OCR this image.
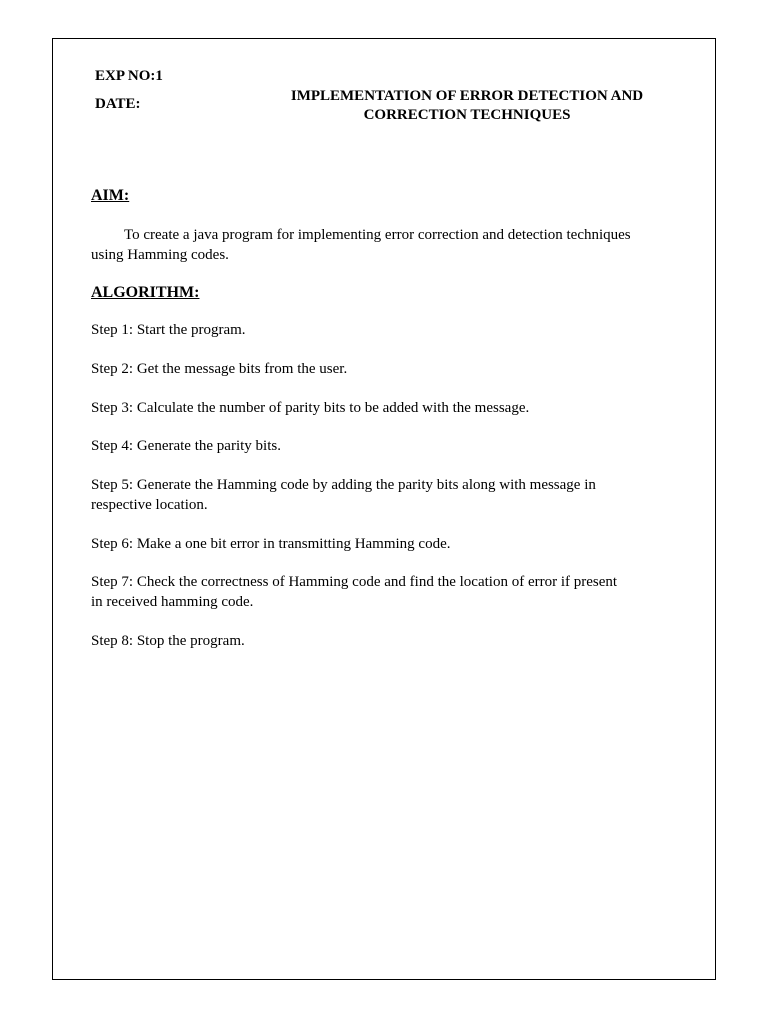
EXP NO:1
DATE:	IMPLEMENTATION OF ERROR DETECTION AND
CORRECTION TECHNIQUES
AIM:
To create a java program for implementing error correction and detection techniques
using Hamming codes.
ALGORITHM:
Step 1: Start the program.
Step 2: Get the message bits from the user.
Step 3: Calculate the number of parity bits to be added with the message.
Step 4: Generate the parity bits.
Step 5: Generate the Hamming code by adding the parity bits along with message in
respective location.
Step 6: Make a one bit error in transmitting Hamming code.
Step 7: Check the correctness of Hamming code and find the location of error if present
in received hamming code.
Step 8: Stop the program.
